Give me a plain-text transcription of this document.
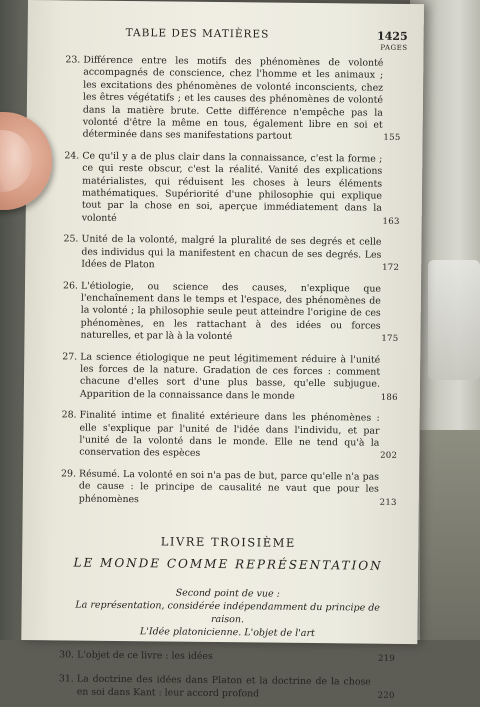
TABLE DES MATIÈRES	1425
PAGES
23. Différence entre les motifs des phénomènes de volonté accompagnés de conscience, chez l'homme et les animaux ; les excitations des phénomènes de volonté inconscients, chez les êtres végétatifs ; et les causes des phénomènes de volonté dans la matière brute. Cette différence n'empêche pas la volonté d'être la même en tous, également libre en soi et déterminée dans ses manifestations partout	155
24. Ce qu'il y a de plus clair dans la connaissance, c'est la forme ; ce qui reste obscur, c'est la réalité. Vanité des explications matérialistes, qui réduisent les choses à leurs éléments mathématiques. Supériorité d'une philosophie qui explique tout par la chose en soi, aperçue immédiatement dans la volonté	163
25. Unité de la volonté, malgré la pluralité de ses degrés et celle des individus qui la manifestent en chacun de ses degrés. Les Idées de Platon	172
26. L'étiologie, ou science des causes, n'explique que l'enchaînement dans le temps et l'espace, des phénomènes de la volonté ; la philosophie seule peut atteindre l'origine de ces phénomènes, en les rattachant à des idées ou forces naturelles, et par là à la volonté	175
27. La science étiologique ne peut légitimement réduire à l'unité les forces de la nature. Gradation de ces forces : comment chacune d'elles sort d'une plus basse, qu'elle subjugue. Apparition de la connaissance dans le monde	186
28. Finalité intime et finalité extérieure dans les phénomènes : elle s'explique par l'unité de l'idée dans l'individu, et par l'unité de la volonté dans le monde. Elle ne tend qu'à la conservation des espèces	202
29. Résumé. La volonté en soi n'a pas de but, parce qu'elle n'a pas de cause : le principe de causalité ne vaut que pour les phénomènes	213
LIVRE TROISIÈME
LE MONDE COMME REPRÉSENTATION
Second point de vue :
La représentation, considérée indépendamment du principe de raison.
L'Idée platonicienne. L'objet de l'art
30. L'objet de ce livre : les idées	219
31. La doctrine des idées dans Platon et la doctrine de la chose en soi dans Kant : leur accord profond	220
